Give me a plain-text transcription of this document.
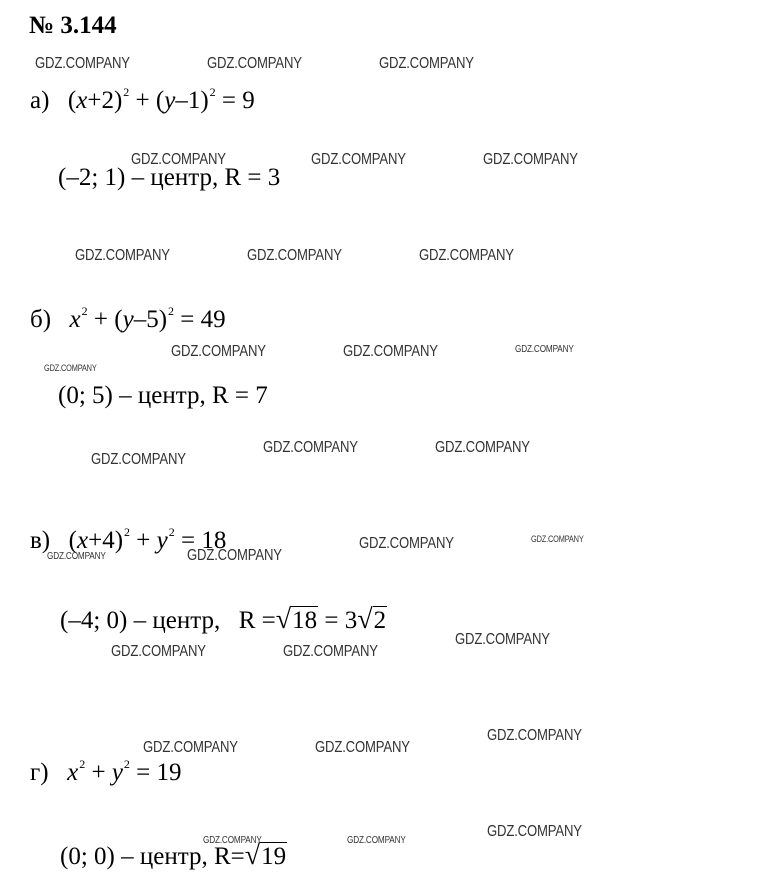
№ 3.144
а) $(x+2)^2 + (y-1)^2 = 9$
(–2; 1) – центр, R = 3
б) $x^2 + (y-5)^2 = 49$
(0; 5) – центр, R = 7
в) $(x+4)^2 + y^2 = 18$
(–4; 0) – центр, R =√18 = 3√2
г) $x^2 + y^2 = 19$
(0; 0) – центр, R=√19
GDZ.COMPANY	GDZ.COMPANY	GDZ.COMPANY
GDZ.COMPANY	GDZ.COMPANY	GDZ.COMPANY
GDZ.COMPANY	GDZ.COMPANY	GDZ.COMPANY
GDZ.COMPANY	GDZ.COMPANY	GDZ.COMPANY
GDZ.COMPANY
GDZ.COMPANY	GDZ.COMPANY
GDZ.COMPANY
GDZ.COMPANY	GDZ.COMPANY
GDZ.COMPANY
GDZ.COMPANY
GDZ.COMPANY
GDZ.COMPANY	GDZ.COMPANY
GDZ.COMPANY
GDZ.COMPANY	GDZ.COMPANY
GDZ.COMPANY
GDZ.COMPANY	GDZ.COMPANY
